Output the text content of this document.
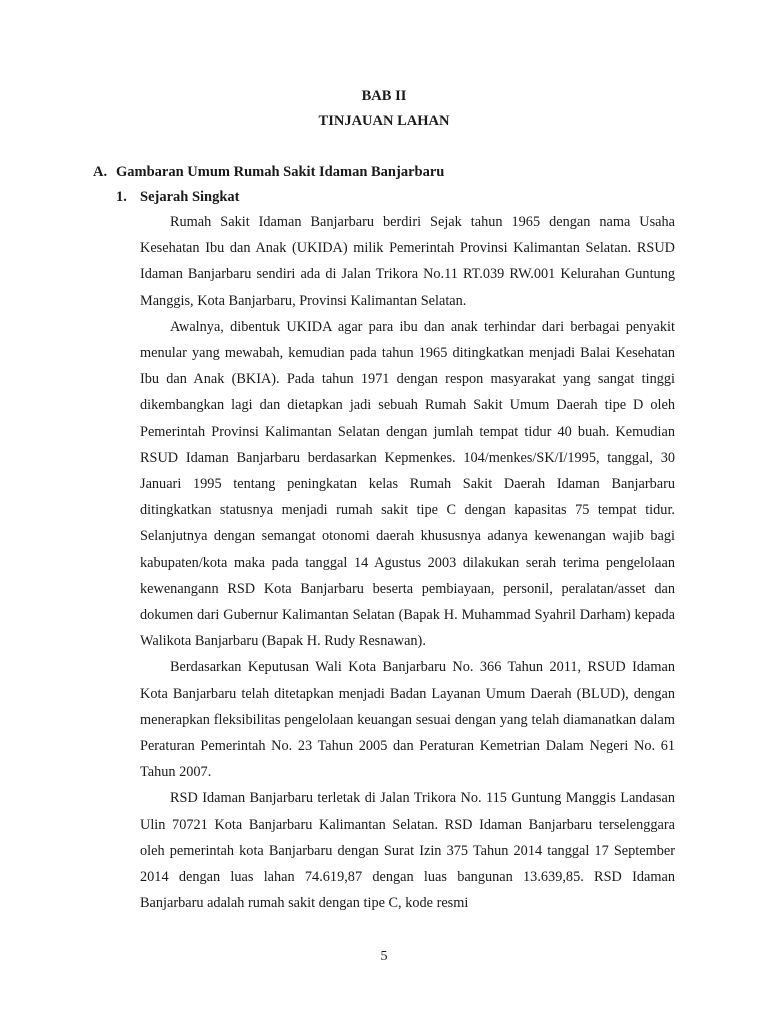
BAB II
TINJAUAN LAHAN
A. Gambaran Umum Rumah Sakit Idaman Banjarbaru
1. Sejarah Singkat

Rumah Sakit Idaman Banjarbaru berdiri Sejak tahun 1965 dengan nama Usaha Kesehatan Ibu dan Anak (UKIDA) milik Pemerintah Provinsi Kalimantan Selatan. RSUD Idaman Banjarbaru sendiri ada di Jalan Trikora No.11 RT.039 RW.001 Kelurahan Guntung Manggis, Kota Banjarbaru, Provinsi Kalimantan Selatan.

Awalnya, dibentuk UKIDA agar para ibu dan anak terhindar dari berbagai penyakit menular yang mewabah, kemudian pada tahun 1965 ditingkatkan menjadi Balai Kesehatan Ibu dan Anak (BKIA). Pada tahun 1971 dengan respon masyarakat yang sangat tinggi dikembangkan lagi dan dietapkan jadi sebuah Rumah Sakit Umum Daerah tipe D oleh Pemerintah Provinsi Kalimantan Selatan dengan jumlah tempat tidur 40 buah. Kemudian RSUD Idaman Banjarbaru berdasarkan Kepmenkes. 104/menkes/SK/I/1995, tanggal, 30 Januari 1995 tentang peningkatan kelas Rumah Sakit Daerah Idaman Banjarbaru ditingkatkan statusnya menjadi rumah sakit tipe C dengan kapasitas 75 tempat tidur. Selanjutnya dengan semangat otonomi daerah khususnya adanya kewenangan wajib bagi kabupaten/kota maka pada tanggal 14 Agustus 2003 dilakukan serah terima pengelolaan kewenangann RSD Kota Banjarbaru beserta pembiayaan, personil, peralatan/asset dan dokumen dari Gubernur Kalimantan Selatan (Bapak H. Muhammad Syahril Darham) kepada Walikota Banjarbaru (Bapak H. Rudy Resnawan).

Berdasarkan Keputusan Wali Kota Banjarbaru No. 366 Tahun 2011, RSUD Idaman Kota Banjarbaru telah ditetapkan menjadi Badan Layanan Umum Daerah (BLUD), dengan menerapkan fleksibilitas pengelolaan keuangan sesuai dengan yang telah diamanatkan dalam Peraturan Pemerintah No. 23 Tahun 2005 dan Peraturan Kemetrian Dalam Negeri No. 61 Tahun 2007.

RSD Idaman Banjarbaru terletak di Jalan Trikora No. 115 Guntung Manggis Landasan Ulin 70721 Kota Banjarbaru Kalimantan Selatan. RSD Idaman Banjarbaru terselenggara oleh pemerintah kota Banjarbaru dengan Surat Izin 375 Tahun 2014 tanggal 17 September 2014 dengan luas lahan 74.619,87 dengan luas bangunan 13.639,85. RSD Idaman Banjarbaru adalah rumah sakit dengan tipe C, kode resmi

5
